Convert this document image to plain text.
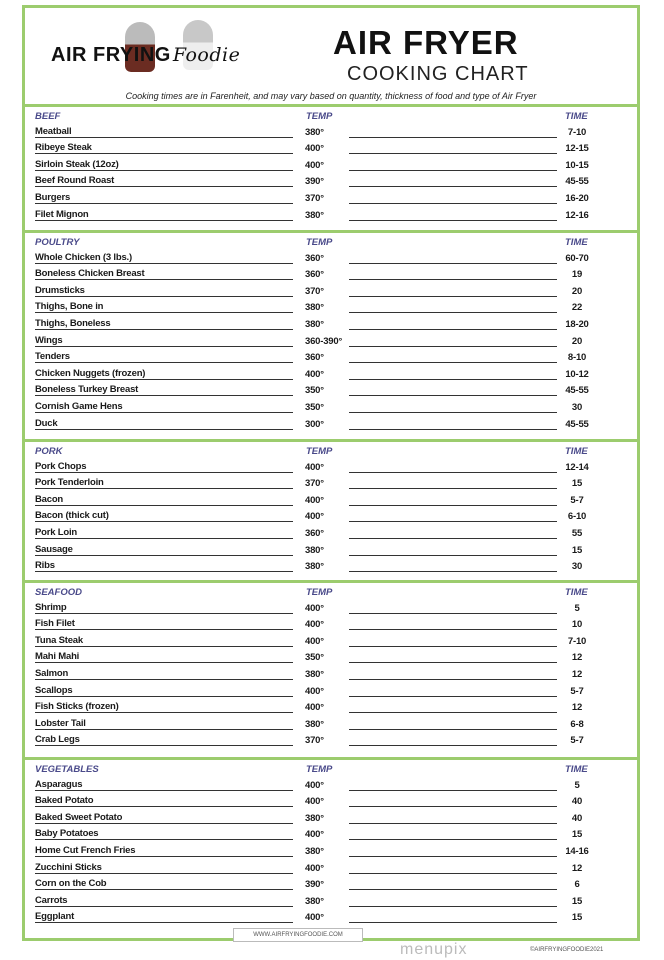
AIR FRYING Foodie	AIR FRYER
COOKING CHART
Cooking times are in Farenheit, and may vary based on quantity, thickness of food and type of Air Fryer
BEEF	TEMP	TIME
Meatball	380°	7-10
Ribeye Steak	400°	12-15
Sirloin Steak (12oz)	400°	10-15
Beef Round Roast	390°	45-55
Burgers	370°	16-20
Filet Mignon	380°	12-16
POULTRY	TEMP	TIME
Whole Chicken (3 lbs.)	360°	60-70
Boneless Chicken Breast	360°	19
Drumsticks	370°	20
Thighs, Bone in	380°	22
Thighs, Boneless	380°	18-20
Wings	360-390°	20
Tenders	360°	8-10
Chicken Nuggets (frozen)	400°	10-12
Boneless Turkey Breast	350°	45-55
Cornish Game Hens	350°	30
Duck	300°	45-55
PORK	TEMP	TIME
Pork Chops	400°	12-14
Pork Tenderloin	370°	15
Bacon	400°	5-7
Bacon (thick cut)	400°	6-10
Pork Loin	360°	55
Sausage	380°	15
Ribs	380°	30
SEAFOOD	TEMP	TIME
Shrimp	400°	5
Fish Filet	400°	10
Tuna Steak	400°	7-10
Mahi Mahi	350°	12
Salmon	380°	12
Scallops	400°	5-7
Fish Sticks (frozen)	400°	12
Lobster Tail	380°	6-8
Crab Legs	370°	5-7
VEGETABLES	TEMP	TIME
Asparagus	400°	5
Baked Potato	400°	40
Baked Sweet Potato	380°	40
Baby Potatoes	400°	15
Home Cut French Fries	380°	14-16
Zucchini Sticks	400°	12
Corn on the Cob	390°	6
Carrots	380°	15
Eggplant	400°	15
WWW.AIRFRYINGFOODIE.COM
©AIRFRYINGFOODIE2021
menupix
